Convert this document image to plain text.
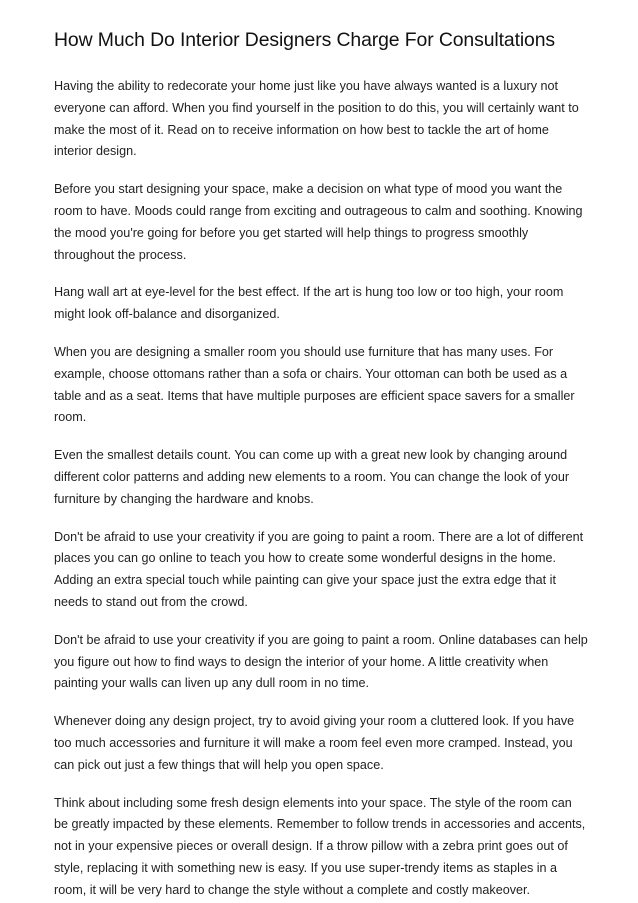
How Much Do Interior Designers Charge For Consultations

Having the ability to redecorate your home just like you have always wanted is a luxury not everyone can afford. When you find yourself in the position to do this, you will certainly want to make the most of it. Read on to receive information on how best to tackle the art of home interior design.

Before you start designing your space, make a decision on what type of mood you want the room to have. Moods could range from exciting and outrageous to calm and soothing. Knowing the mood you're going for before you get started will help things to progress smoothly throughout the process.

Hang wall art at eye-level for the best effect. If the art is hung too low or too high, your room might look off-balance and disorganized.

When you are designing a smaller room you should use furniture that has many uses. For example, choose ottomans rather than a sofa or chairs. Your ottoman can both be used as a table and as a seat. Items that have multiple purposes are efficient space savers for a smaller room.

Even the smallest details count. You can come up with a great new look by changing around different color patterns and adding new elements to a room. You can change the look of your furniture by changing the hardware and knobs.

Don't be afraid to use your creativity if you are going to paint a room. There are a lot of different places you can go online to teach you how to create some wonderful designs in the home. Adding an extra special touch while painting can give your space just the extra edge that it needs to stand out from the crowd.

Don't be afraid to use your creativity if you are going to paint a room. Online databases can help you figure out how to find ways to design the interior of your home. A little creativity when painting your walls can liven up any dull room in no time.

Whenever doing any design project, try to avoid giving your room a cluttered look. If you have too much accessories and furniture it will make a room feel even more cramped. Instead, you can pick out just a few things that will help you open space.

Think about including some fresh design elements into your space. The style of the room can be greatly impacted by these elements. Remember to follow trends in accessories and accents, not in your expensive pieces or overall design. If a throw pillow with a zebra print goes out of style, replacing it with something new is easy. If you use super-trendy items as staples in a room, it will be very hard to change the style without a complete and costly makeover.
